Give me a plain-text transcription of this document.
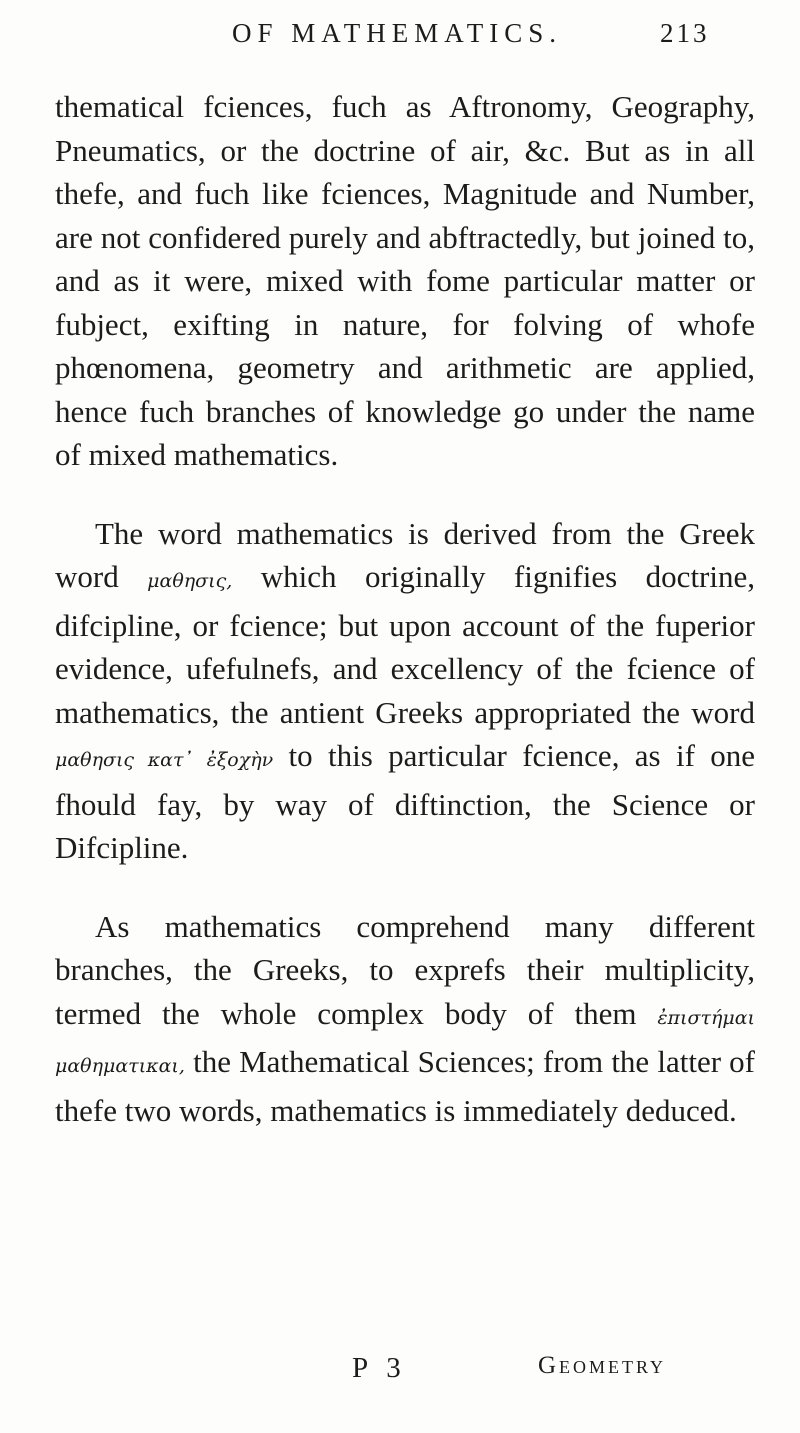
OF MATHEMATICS.	213

thematical fciences, fuch as Aftronomy, Geography, Pneumatics, or the doctrine of air, &c. But as in all thefe, and fuch like fciences, Magnitude and Number, are not confidered purely and abftractedly, but joined to, and as it were, mixed with fome particular matter or fubject, exifting in nature, for folving of whofe phœnomena, geometry and arithmetic are applied, hence fuch branches of knowledge go under the name of mixed mathematics.

The word mathematics is derived from the Greek word μαθησις, which originally fignifies doctrine, difcipline, or fcience; but upon account of the fuperior evidence, ufefulnefs, and excellency of the fcience of mathematics, the antient Greeks appropriated the word μαθησις κατ᾽ ἐξοχὴν to this particular fcience, as if one fhould fay, by way of diftinction, the Science or Difcipline.

As mathematics comprehend many different branches, the Greeks, to exprefs their multiplicity, termed the whole complex body of them ἐπιστήμαι μαθηματικαι, the Mathematical Sciences; from the latter of thefe two words, mathematics is immediately deduced.

P 3	Geometry
